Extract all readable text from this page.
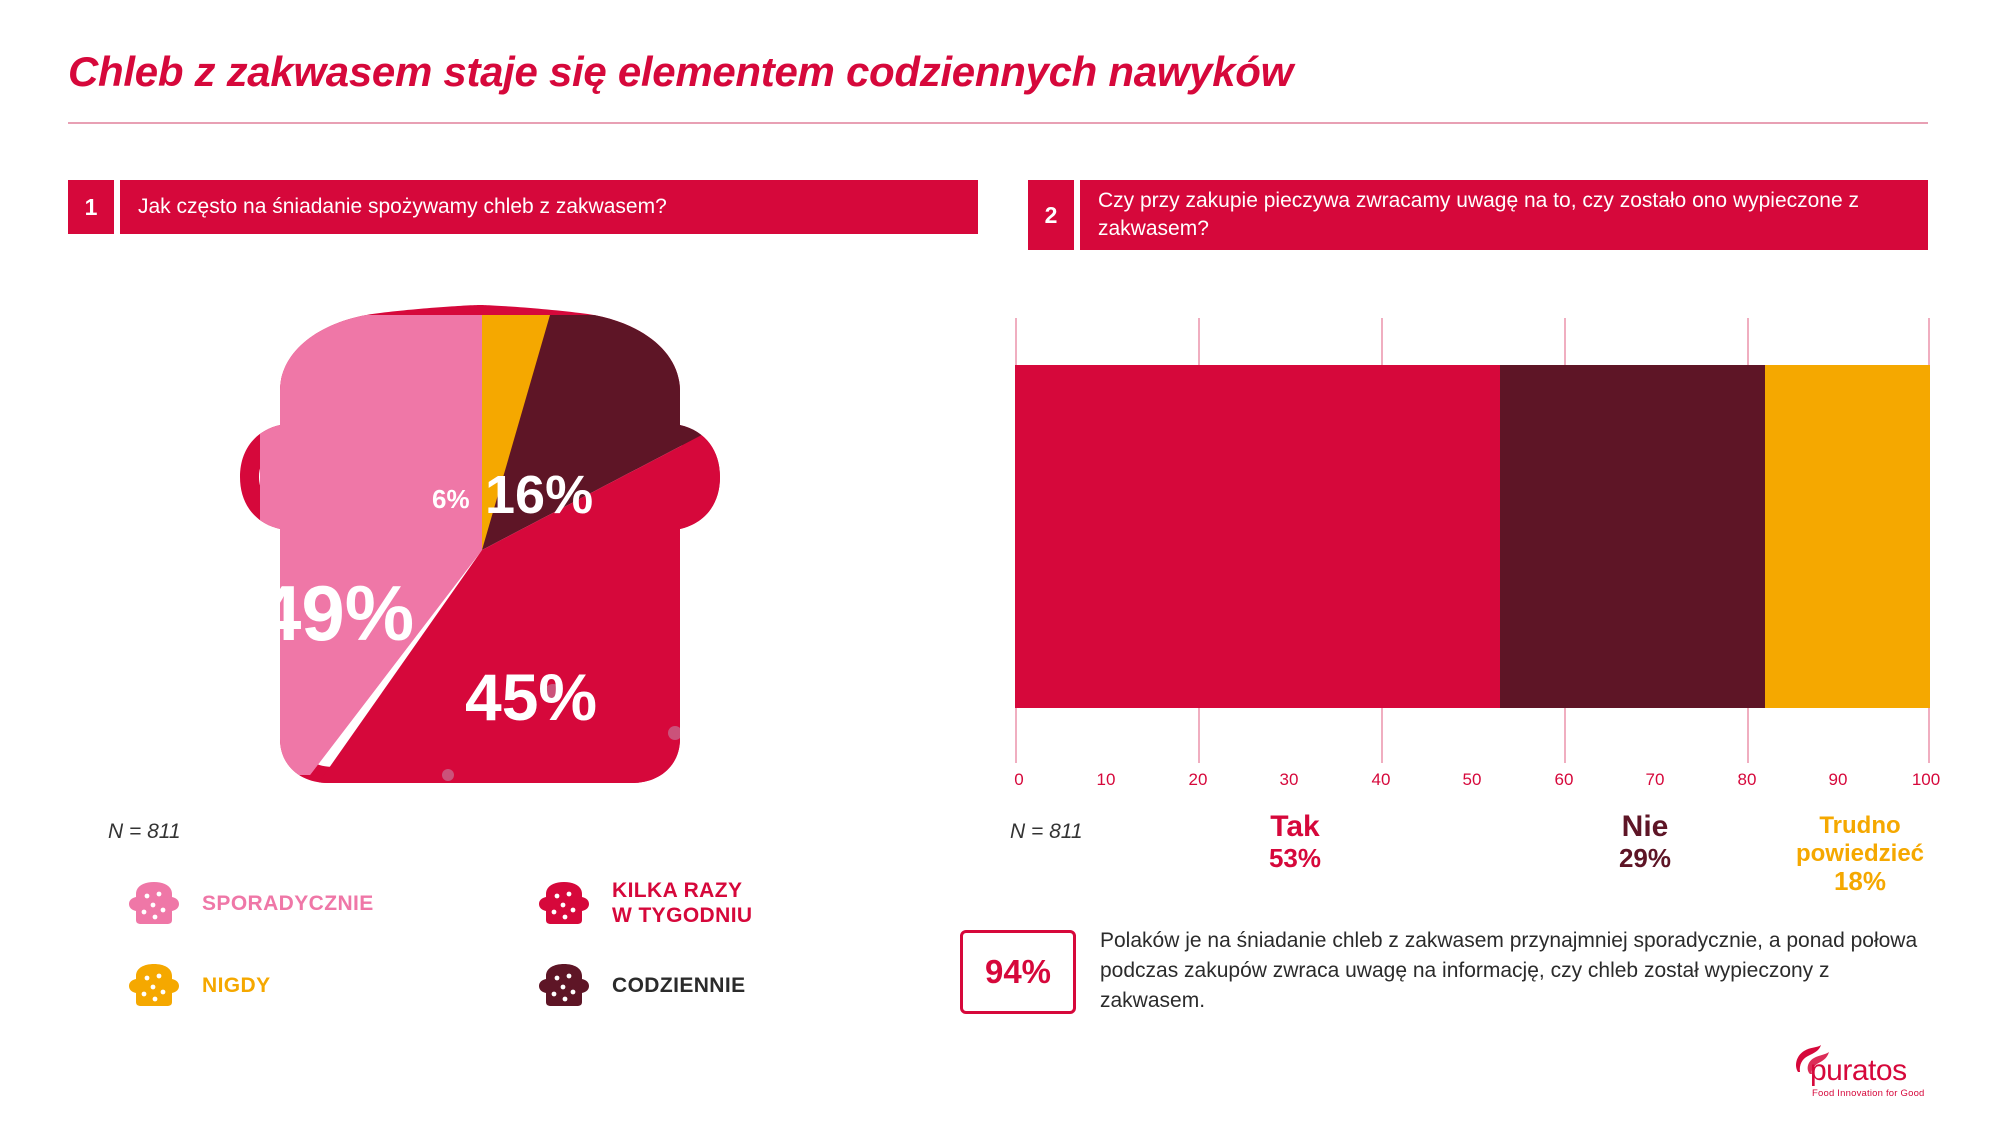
Chleb z zakwasem staje się elementem codziennych nawyków
1	Jak często na śniadanie spożywamy chleb z zakwasem?	2
Czy przy zakupie pieczywa zwracamy uwagę na to, czy zostało ono wypieczone z zakwasem?
6% 16%
49%
45%
N = 811
SPORADYCZNIE
KILKA RAZY
W TYGODNIU
NIGDY	CODZIENNIE
0	10	20	30	40	50	60	70	80	90	100
N = 811	Tak
53%
Nie
29%
Trudno
powiedzieć
18%
94%
Polaków je na śniadanie chleb z zakwasem przynajmniej sporadycznie, a ponad połowa podczas zakupów zwraca uwagę na informację, czy chleb został wypieczony z zakwasem.
puratos
Food Innovation for Good
